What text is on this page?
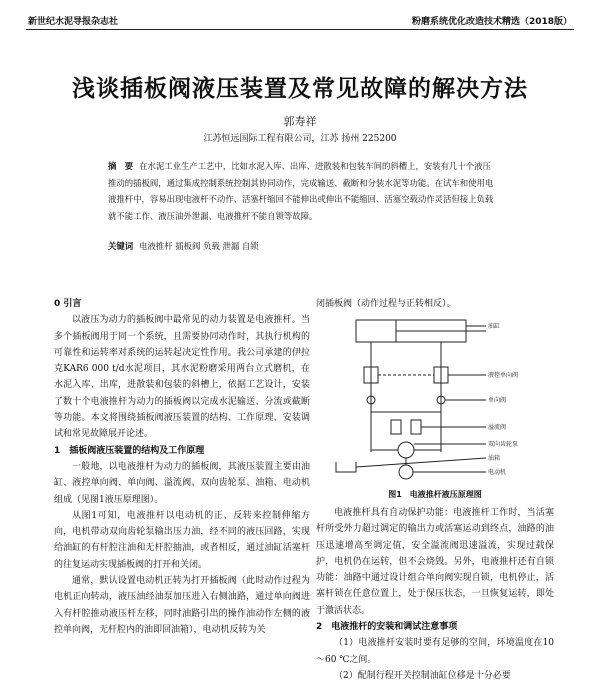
新世纪水泥导报杂志社	粉磨系统优化改造技术精选（2018版）
浅谈插板阀液压装置及常见故障的解决方法
郭寿祥
江苏恒远国际工程有限公司，江苏 扬州 225200
摘　要 在水泥工业生产工艺中，比如水泥入库、出库、进散装和包装车间的斜槽上，安装有几十个液压推动的插板阀，通过集成控制系统控制其协同动作，完成输送、截断和分装水泥等功能。在试车和使用电液推杆中，容易出现电液杆不动作、活塞杆缩回不能伸出或伸出不能缩回、活塞空载动作灵活但接上负载就不能工作、液压油外泄漏、电液推杆不能自锁等故障。
关键词 电液推杆 插板阀 负载 泄漏 自锁
0 引言

以液压为动力的插板阀中最常见的动力装置是电液推杆。当多个插板阀用于同一个系统，且需要协同动作时，其执行机构的可靠性和运转率对系统的运转起决定性作用。我公司承建的伊拉克KAR6 000 t/d水泥项目，其水泥粉磨采用两台立式磨机，在水泥入库、出库，进散装和包装的斜槽上，依据工艺设计，安装了数十个电液推杆为动力的插板阀以完成水泥输送、分流或截断等功能。本文将围绕插板阀液压装置的结构、工作原理、安装调试和常见故障展开论述。

1　插板阀液压装置的结构及工作原理

一般地，以电液推杆为动力的插板阀，其液压装置主要由油缸、液控单向阀、单向阀、溢流阀、双向齿轮泵、油箱、电动机组成（见图1液压原理图）。

从图1可知，电液推杆以电动机的正、反转来控制伸缩方向，电机带动双向齿轮泵输出压力油，经不同的液压回路，实现给油缸的有杆腔注油和无杆腔抽油，或者相反，通过油缸活塞杆的往复运动实现插板阀的打开和关闭。

通常，默认设置电动机正转为打开插板阀（此时动作过程为电机正向转动，液压油经油泵加压进入右侧油路，通过单向阀进入有杆腔推动液压杆左移，同时油路引出的操作油动作左侧的液控单向阀，无杆腔内的油即回油箱），电动机反转为关

闭插板阀（动作过程与正转相反）。
油缸
液控单向阀
单向阀
溢流阀
双向齿轮泵
油箱
电动机
图1　电液推杆液压原理图

电液推杆具有自动保护功能：电液推杆工作时，当活塞杆所受外力超过调定的输出力或活塞运动到终点，油路的油压迅速增高至调定值，安全溢流阀迅速溢流，实现过载保护，电机仍在运转，但不会烧毁。另外，电液推杆还有自锁功能：油路中通过设计组合单向阀实现自锁，电机停止，活塞杆锁在任意位置上，处于保压状态，一旦恢复运转，即处于激活状态。

2　电液推杆的安装和调试注意事项

（1）电液推杆安装时要有足够的空间，环境温度在10～60 ℃之间。

（2）配制行程开关控制油缸位移是十分必要
